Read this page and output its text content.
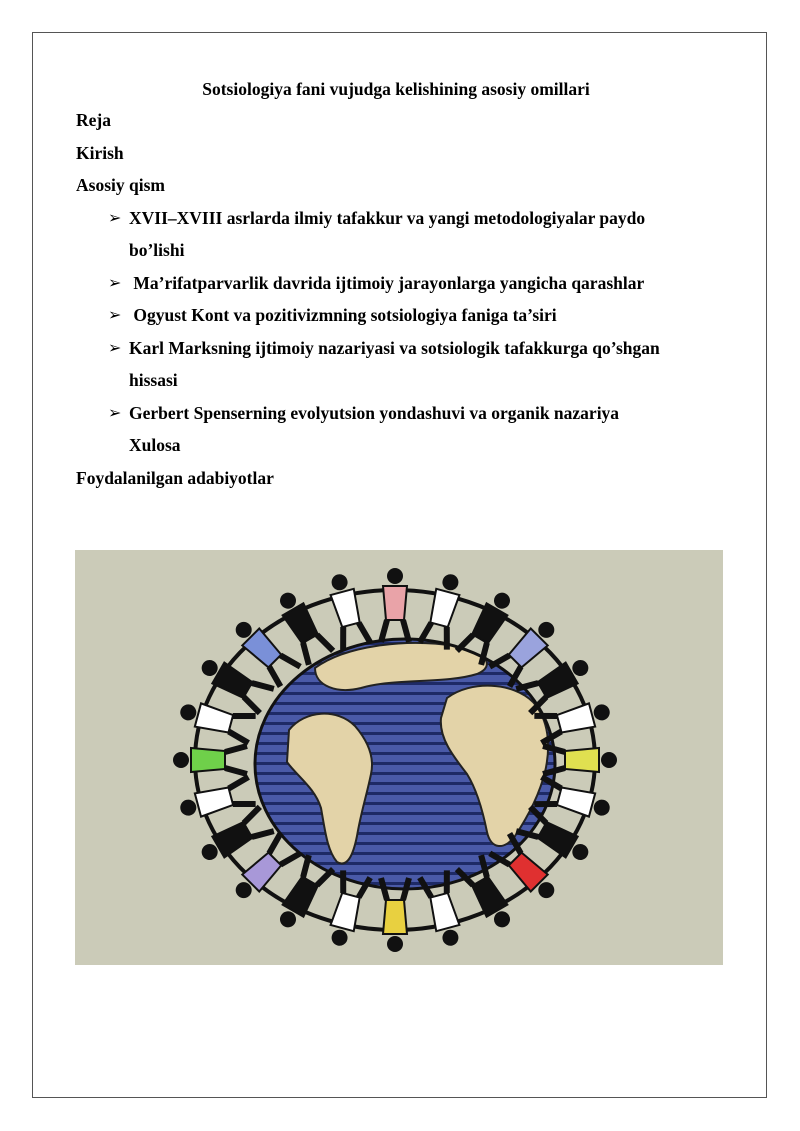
Sotsiologiya fani vujudga kelishining asosiy omillari

Reja

Kirish

Asosiy qism

➢ XVII–XVIII asrlarda ilmiy tafakkur va yangi metodologiyalar paydo
bo’lishi
➢ Ma’rifatparvarlik davrida ijtimoiy jarayonlarga yangicha qarashlar
➢ Ogyust Kont va pozitivizmning sotsiologiya faniga ta’siri
➢ Karl Marksning ijtimoiy nazariyasi va sotsiologik tafakkurga qo’shgan
hissasi
➢ Gerbert Spenserning evolyutsion yondashuvi va organik nazariya
Xulosa

Foydalanilgan adabiyotlar
